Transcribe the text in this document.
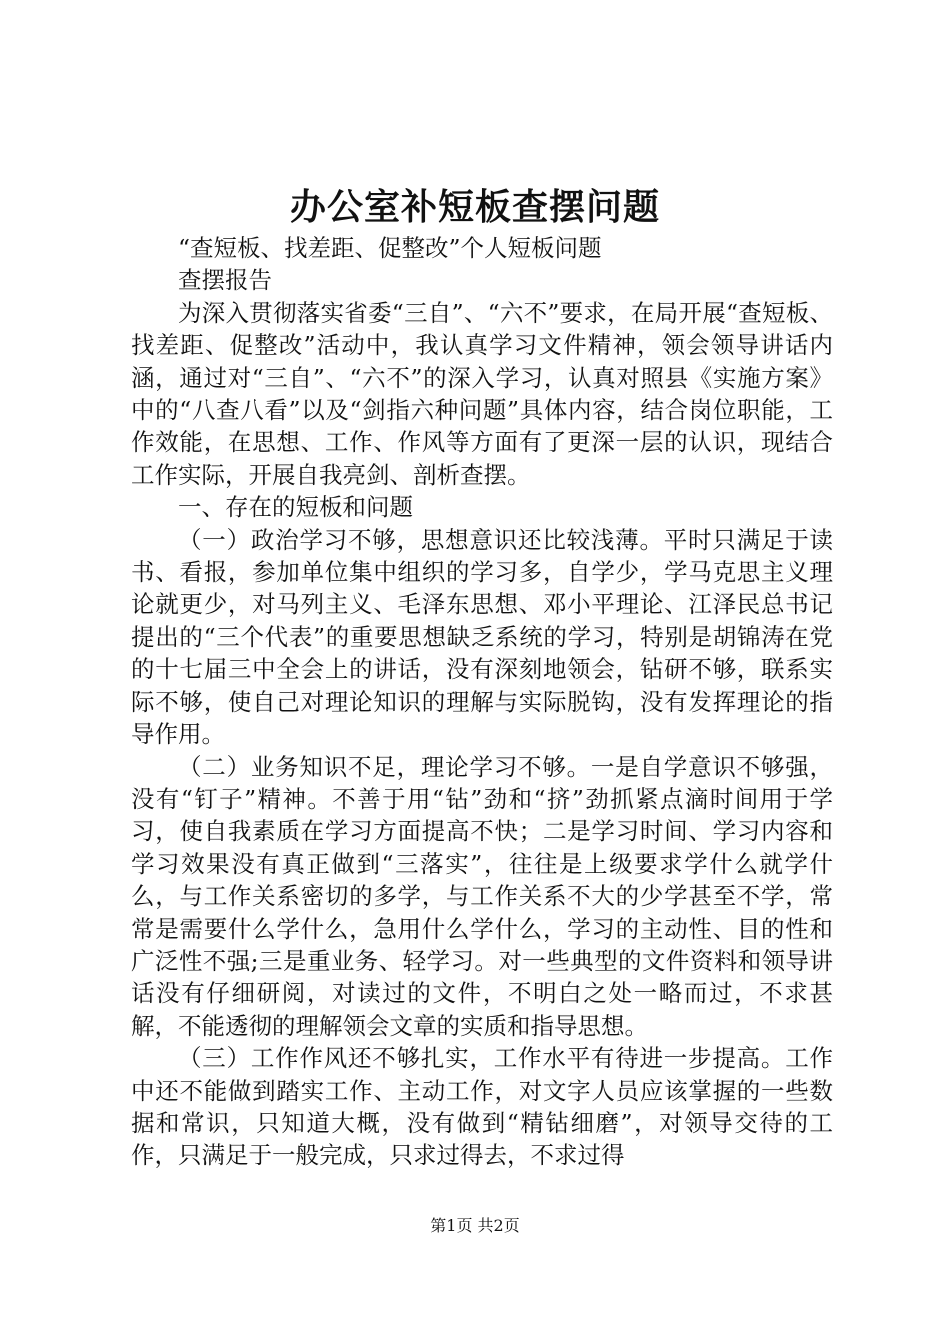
办公室补短板查摆问题

“查短板、找差距、促整改”个人短板问题

查摆报告

为深入贯彻落实省委“三自”、“六不”要求，在局开展“查短板、找差距、促整改”活动中，我认真学习文件精神，领会领导讲话内涵，通过对“三自”、“六不”的深入学习，认真对照县《实施方案》中的“八查八看”以及“剑指六种问题”具体内容，结合岗位职能，工作效能，在思想、工作、作风等方面有了更深一层的认识，现结合工作实际，开展自我亮剑、剖析查摆。

一、存在的短板和问题

（一）政治学习不够，思想意识还比较浅薄。平时只满足于读书、看报，参加单位集中组织的学习多，自学少，学马克思主义理论就更少，对马列主义、毛泽东思想、邓小平理论、江泽民总书记提出的“三个代表”的重要思想缺乏系统的学习，特别是胡锦涛在党的十七届三中全会上的讲话，没有深刻地领会，钻研不够，联系实际不够，使自己对理论知识的理解与实际脱钩，没有发挥理论的指导作用。

（二）业务知识不足，理论学习不够。一是自学意识不够强，没有“钉子”精神。不善于用“钻”劲和“挤”劲抓紧点滴时间用于学习，使自我素质在学习方面提高不快；二是学习时间、学习内容和学习效果没有真正做到“三落实”，往往是上级要求学什么就学什么，与工作关系密切的多学，与工作关系不大的少学甚至不学，常常是需要什么学什么，急用什么学什么，学习的主动性、目的性和广泛性不强;三是重业务、轻学习。对一些典型的文件资料和领导讲话没有仔细研阅，对读过的文件，不明白之处一略而过，不求甚解，不能透彻的理解领会文章的实质和指导思想。

（三）工作作风还不够扎实，工作水平有待进一步提高。工作中还不能做到踏实工作、主动工作，对文字人员应该掌握的一些数据和常识，只知道大概，没有做到“精钻细磨”，对领导交待的工作，只满足于一般完成，只求过得去，不求过得

第1页 共2页
